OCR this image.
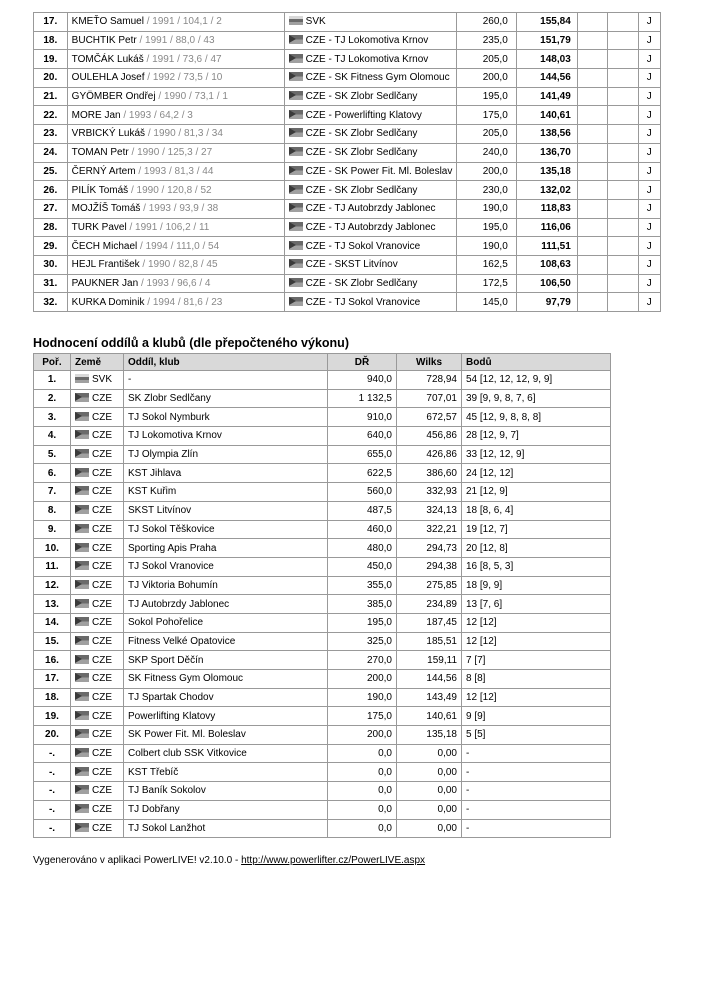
17.	KMEŤO Samuel / 1991 / 104,1 / 2	SVK	260,0	155,84			J
18.	BUCHTIK Petr / 1991 / 88,0 / 43	CZE - TJ Lokomotiva Krnov	235,0	151,79			J
19.	TOMČÁK Lukáš / 1991 / 73,6 / 47	CZE - TJ Lokomotiva Krnov	205,0	148,03			J
20.	OULEHLA Josef / 1992 / 73,5 / 10	CZE - SK Fitness Gym Olomouc	200,0	144,56			J
21.	GYÖMBER Ondřej / 1990 / 73,1 / 1	CZE - SK Zlobr Sedlčany	195,0	141,49			J
22.	MORE Jan / 1993 / 64,2 / 3	CZE - Powerlifting Klatovy	175,0	140,61			J
23.	VRBICKÝ Lukáš / 1990 / 81,3 / 34	CZE - SK Zlobr Sedlčany	205,0	138,56			J
24.	TOMAN Petr / 1990 / 125,3 / 27	CZE - SK Zlobr Sedlčany	240,0	136,70			J
25.	ČERNÝ Artem / 1993 / 81,3 / 44	CZE - SK Power Fit. Ml. Boleslav	200,0	135,18			J
26.	PILÍK Tomáš / 1990 / 120,8 / 52	CZE - SK Zlobr Sedlčany	230,0	132,02			J
27.	MOJŽÍŠ Tomáš / 1993 / 93,9 / 38	CZE - TJ Autobrzdy Jablonec	190,0	118,83			J
28.	TURK Pavel / 1991 / 106,2 / 11	CZE - TJ Autobrzdy Jablonec	195,0	116,06			J
29.	ČECH Michael / 1994 / 111,0 / 54	CZE - TJ Sokol Vranovice	190,0	111,51			J
30.	HEJL František / 1990 / 82,8 / 45	CZE - SKST Litvínov	162,5	108,63			J
31.	PAUKNER Jan / 1993 / 96,6 / 4	CZE - SK Zlobr Sedlčany	172,5	106,50			J
32.	KURKA Dominik / 1994 / 81,6 / 23	CZE - TJ Sokol Vranovice	145,0	97,79			J
Hodnocení oddílů a klubů (dle přepočteného výkonu)
Poř.	Země	Oddíl, klub	DŘ	Wilks	Bodů
1.	SVK	-	940,0	728,94	54 [12, 12, 12, 9, 9]
2.	CZE	SK Zlobr Sedlčany	1 132,5	707,01	39 [9, 9, 8, 7, 6]
3.	CZE	TJ Sokol Nymburk	910,0	672,57	45 [12, 9, 8, 8, 8]
4.	CZE	TJ Lokomotiva Krnov	640,0	456,86	28 [12, 9, 7]
5.	CZE	TJ Olympia Zlín	655,0	426,86	33 [12, 12, 9]
6.	CZE	KST Jihlava	622,5	386,60	24 [12, 12]
7.	CZE	KST Kuřim	560,0	332,93	21 [12, 9]
8.	CZE	SKST Litvínov	487,5	324,13	18 [8, 6, 4]
9.	CZE	TJ Sokol Těškovice	460,0	322,21	19 [12, 7]
10.	CZE	Sporting Apis Praha	480,0	294,73	20 [12, 8]
11.	CZE	TJ Sokol Vranovice	450,0	294,38	16 [8, 5, 3]
12.	CZE	TJ Viktoria Bohumín	355,0	275,85	18 [9, 9]
13.	CZE	TJ Autobrzdy Jablonec	385,0	234,89	13 [7, 6]
14.	CZE	Sokol Pohořelice	195,0	187,45	12 [12]
15.	CZE	Fitness Velké Opatovice	325,0	185,51	12 [12]
16.	CZE	SKP Sport Děčín	270,0	159,11	7 [7]
17.	CZE	SK Fitness Gym Olomouc	200,0	144,56	8 [8]
18.	CZE	TJ Spartak Chodov	190,0	143,49	12 [12]
19.	CZE	Powerlifting Klatovy	175,0	140,61	9 [9]
20.	CZE	SK Power Fit. Ml. Boleslav	200,0	135,18	5 [5]
-.	CZE	Colbert club SSK Vitkovice	0,0	0,00	-
-.	CZE	KST Třebíč	0,0	0,00	-
-.	CZE	TJ Baník Sokolov	0,0	0,00	-
-.	CZE	TJ Dobřany	0,0	0,00	-
-.	CZE	TJ Sokol Lanžhot	0,0	0,00	-

Vygenerováno v aplikaci PowerLIVE! v2.10.0 - http://www.powerlifter.cz/PowerLIVE.aspx
